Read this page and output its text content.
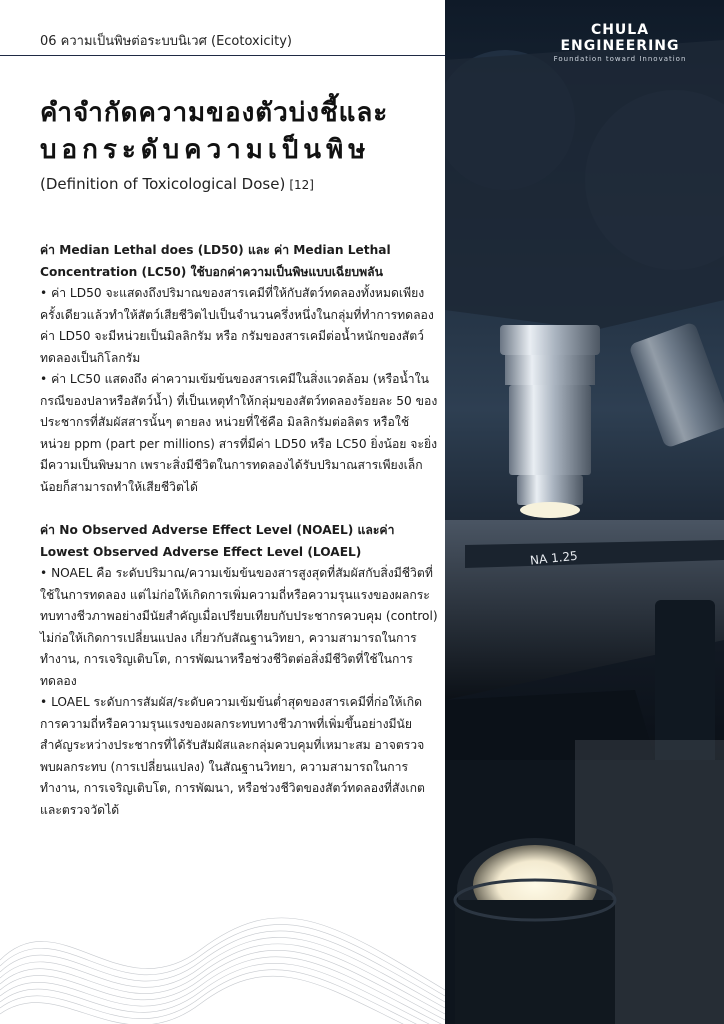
06 ความเป็นพิษต่อระบบนิเวศ (Ecotoxicity)
คำจำกัดความของตัวบ่งชี้และ
บอกระดับความเป็นพิษ
(Definition of Toxicological Dose) [12]
ค่า Median Lethal does (LD50) และ ค่า Median Lethal Concentration (LC50) ใช้บอกค่าความเป็นพิษแบบเฉียบพลัน

• ค่า LD50 จะแสดงถึงปริมาณของสารเคมีที่ให้กับสัตว์ทดลองทั้งหมดเพียงครั้งเดียวแล้วทำให้สัตว์เสียชีวิตไปเป็นจำนวนครึ่งหนึ่งในกลุ่มที่ทำการทดลอง ค่า LD50 จะมีหน่วยเป็นมิลลิกรัม หรือ กรัมของสารเคมีต่อน้ำหนักของสัตว์ทดลองเป็นกิโลกรัม

• ค่า LC50 แสดงถึง ค่าความเข้มข้นของสารเคมีในสิ่งแวดล้อม (หรือน้ำในกรณีของปลาหรือสัตว์น้ำ) ที่เป็นเหตุทำให้กลุ่มของสัตว์ทดลองร้อยละ 50 ของประชากรที่สัมผัสสารนั้นๆ ตายลง หน่วยที่ใช้คือ มิลลิกรัมต่อลิตร หรือใช้หน่วย ppm (part per millions) สารที่มีค่า LD50 หรือ LC50 ยิ่งน้อย จะยิ่งมีความเป็นพิษมาก เพราะสิ่งมีชีวิตในการทดลองได้รับปริมาณสารเพียงเล็กน้อยก็สามารถทำให้เสียชีวิตได้

ค่า No Observed Adverse Effect Level (NOAEL) และค่า Lowest Observed Adverse Effect Level (LOAEL)

• NOAEL คือ ระดับปริมาณ/ความเข้มข้นของสารสูงสุดที่สัมผัสกับสิ่งมีชีวิตที่ใช้ในการทดลอง แต่ไม่ก่อให้เกิดการเพิ่มความถี่หรือความรุนแรงของผลกระทบทางชีวภาพอย่างมีนัยสำคัญเมื่อเปรียบเทียบกับประชากรควบคุม (control) ไม่ก่อให้เกิดการเปลี่ยนแปลง เกี่ยวกับสัณฐานวิทยา, ความสามารถในการทำงาน, การเจริญเติบโต, การพัฒนาหรือช่วงชีวิตต่อสิ่งมีชีวิตที่ใช้ในการทดลอง

• LOAEL ระดับการสัมผัส/ระดับความเข้มข้นต่ำสุดของสารเคมีที่ก่อให้เกิดการความถี่หรือความรุนแรงของผลกระทบทางชีวภาพที่เพิ่มขึ้นอย่างมีนัยสำคัญระหว่างประชากรที่ได้รับสัมผัสและกลุ่มควบคุมที่เหมาะสม อาจตรวจพบผลกระทบ (การเปลี่ยนแปลง) ในสัณฐานวิทยา, ความสามารถในการทำงาน, การเจริญเติบโต, การพัฒนา, หรือช่วงชีวิตของสัตว์ทดลองที่สังเกตและตรวจวัดได้

NA 1.25
CHULA ENGINEERING
Foundation toward Innovation
